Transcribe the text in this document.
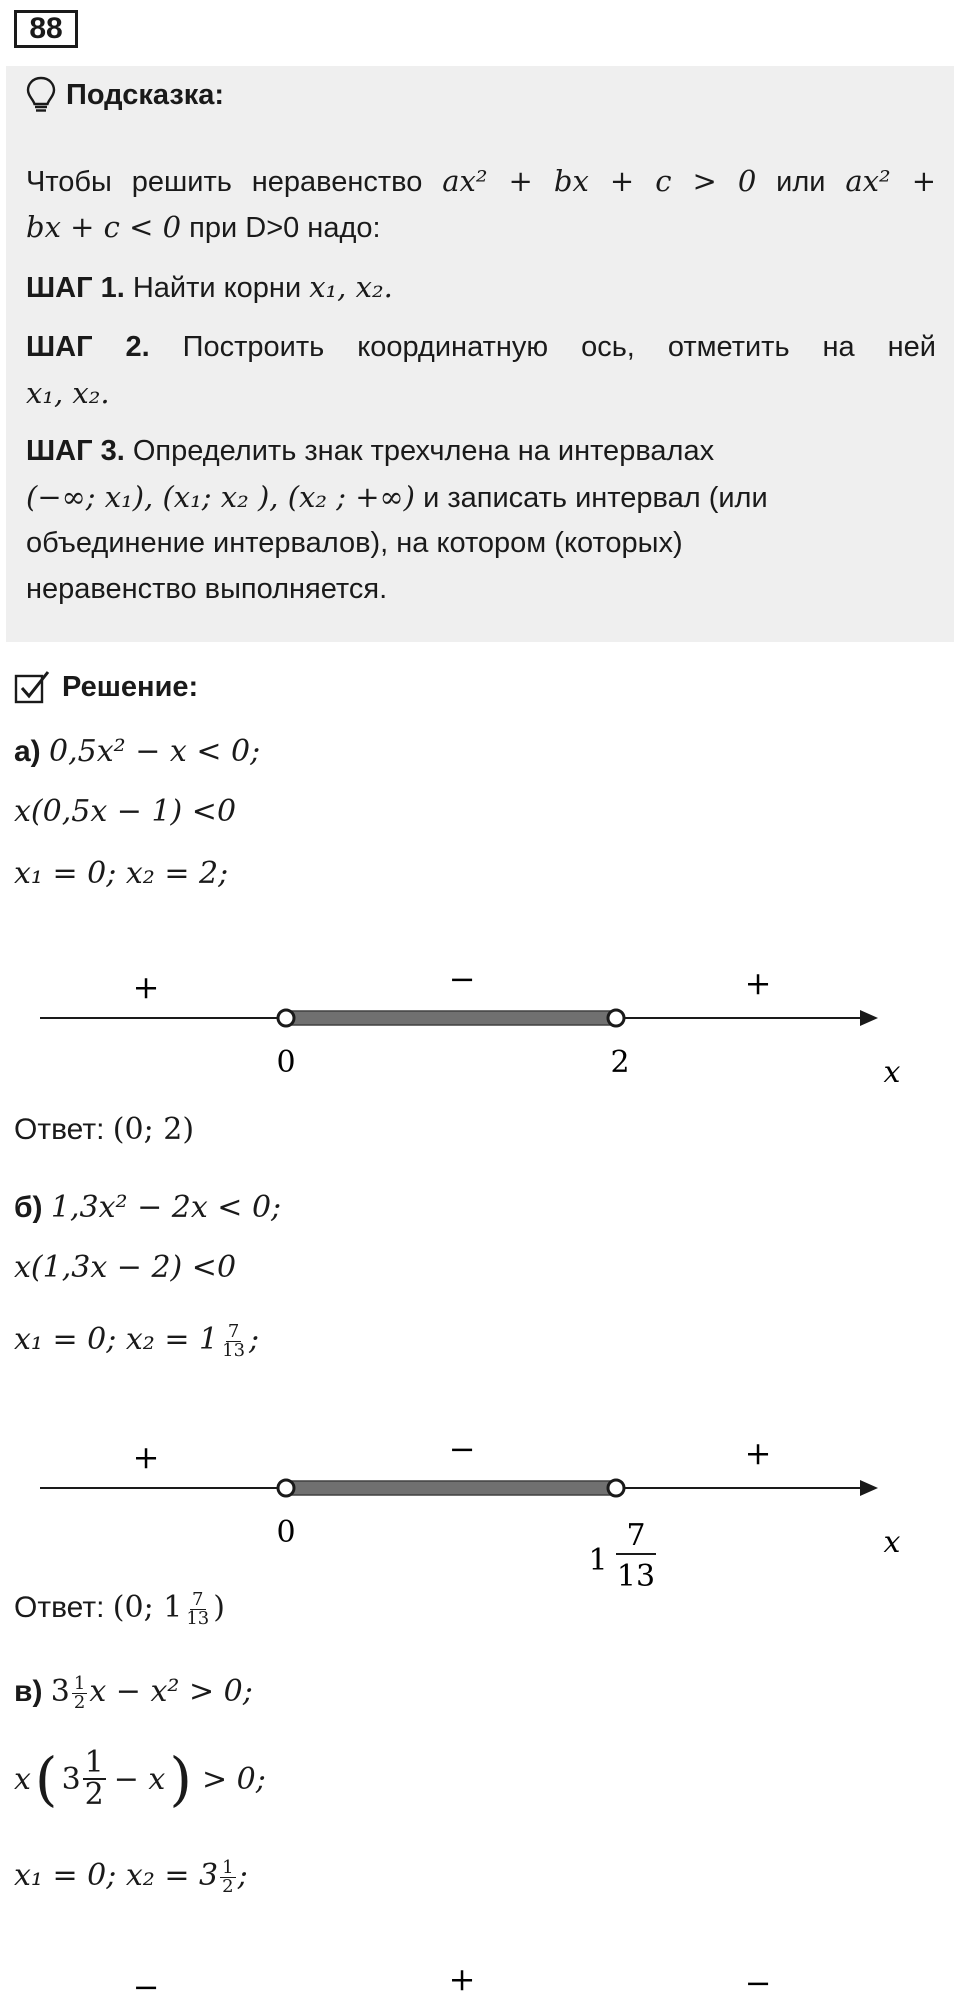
88
Подсказка:
Чтобы решить неравенство ax² + bx + c > 0 или ax² +
bx + c < 0 при D>0 надо:
ШАГ 1. Найти корни x₁, x₂.
ШАГ 2. Построить координатную ось, отметить на ней
x₁, x₂.
ШАГ 3. Определить знак трехчлена на интервалах
(−∞; x₁), (x₁; x₂ ), (x₂ ; +∞) и записать интервал (или
объединение интервалов), на котором (которых)
неравенство выполняется.
Решение:
а) 0,5x² − x < 0;
x(0,5x − 1) <0
x₁ = 0; x₂ = 2;
+	−	+
0	2	x
Ответ: (0; 2)
б) 1,3x² − 2x < 0;
x(1,3x − 2) <0
x₁ = 0; $x_2 = 1 \frac{7}{13}$ ;
+	−	+
0
1
7
13
x
Ответ: (0; $1 \frac{7}{13}$ )
в) $3 \frac{1}{2}$ x − x² > 0;
x ( $3 \frac{1}{2} - x$ ) > 0;
x₁ = 0; $x_2 = 3 \frac{1}{2}$ ;
−	+	−
